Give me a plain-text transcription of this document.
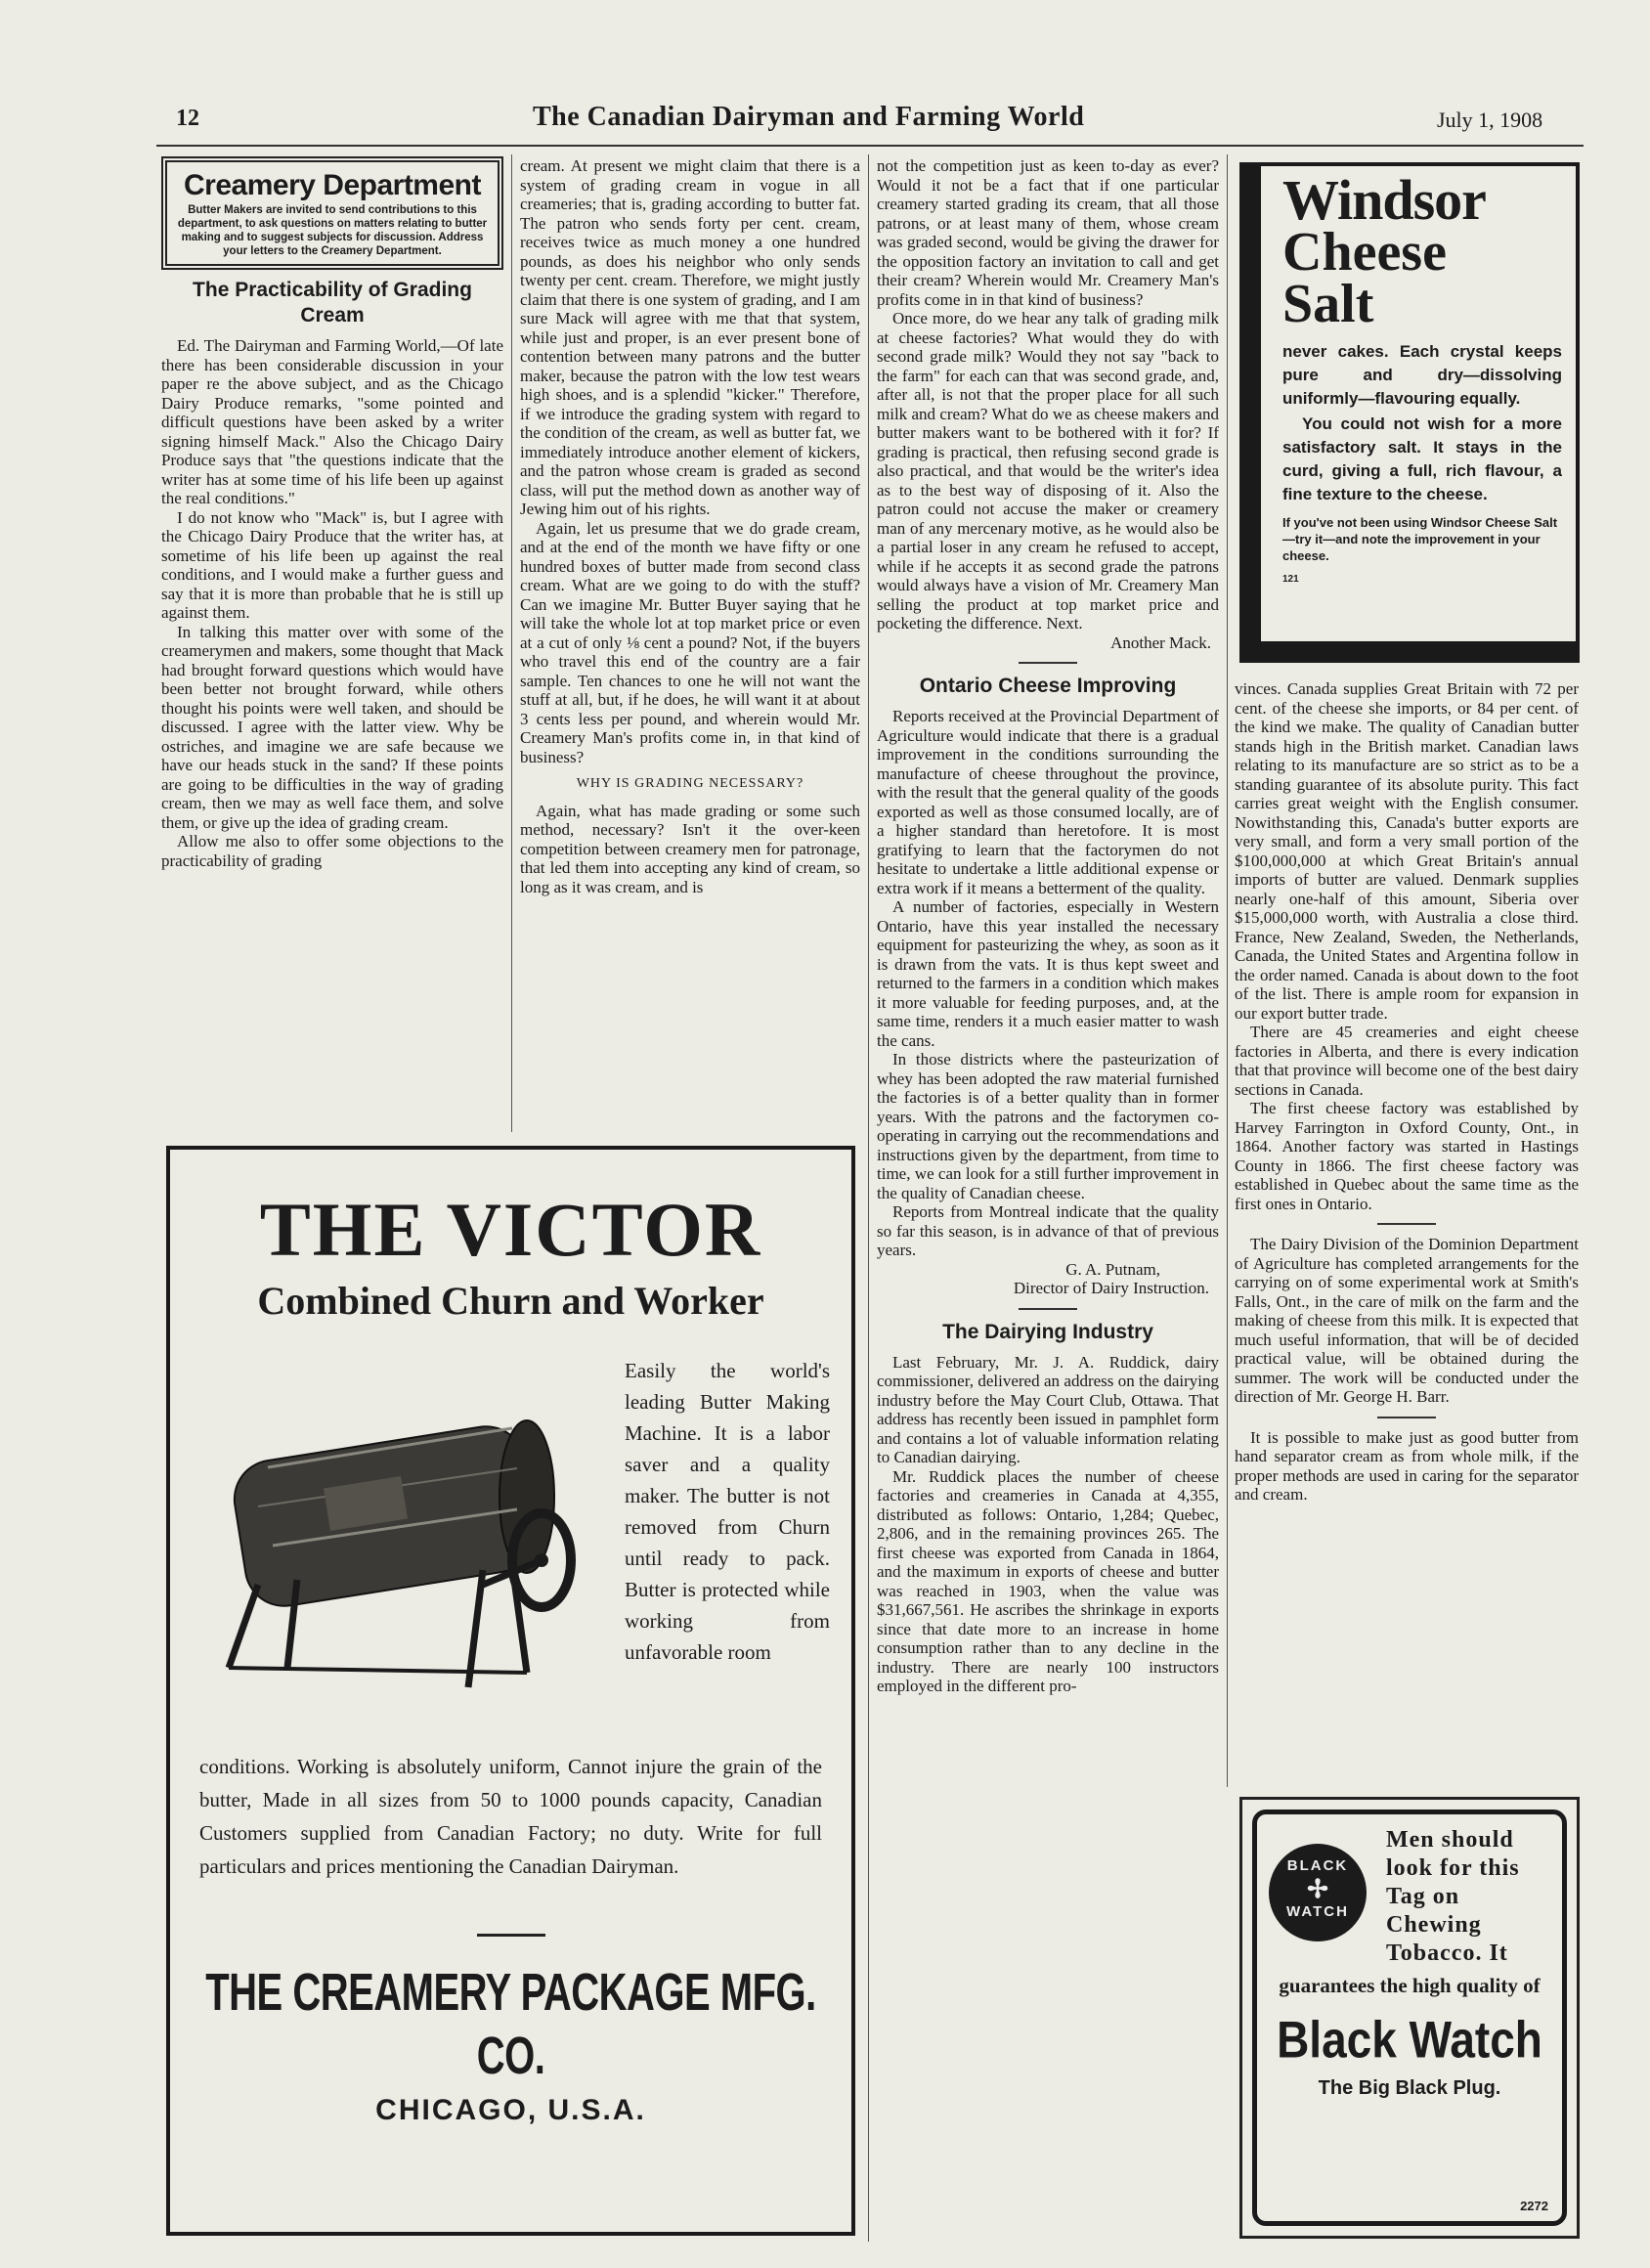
12	The Canadian Dairyman and Farming World	July 1, 1908
Creamery Department
Butter Makers are invited to send contributions to this department, to ask questions on matters relating to butter making and to suggest subjects for discussion. Address your letters to the Creamery Department.
The Practicability of Grading Cream

Ed. The Dairyman and Farming World,—Of late there has been considerable discussion in your paper re the above subject, and as the Chicago Dairy Produce remarks, "some pointed and difficult questions have been asked by a writer signing himself Mack." Also the Chicago Dairy Produce says that "the questions indicate that the writer has at some time of his life been up against the real conditions."

I do not know who "Mack" is, but I agree with the Chicago Dairy Produce that the writer has, at sometime of his life been up against the real conditions, and I would make a further guess and say that it is more than probable that he is still up against them.

In talking this matter over with some of the creamerymen and makers, some thought that Mack had brought forward questions which would have been better not brought forward, while others thought his points were well taken, and should be discussed. I agree with the latter view. Why be ostriches, and imagine we are safe because we have our heads stuck in the sand? If these points are going to be difficulties in the way of grading cream, then we may as well face them, and solve them, or give up the idea of grading cream.

Allow me also to offer some objections to the practicability of grading

cream. At present we might claim that there is a system of grading cream in vogue in all creameries; that is, grading according to butter fat. The patron who sends forty per cent. cream, receives twice as much money a one hundred pounds, as does his neighbor who only sends twenty per cent. cream. Therefore, we might justly claim that there is one system of grading, and I am sure Mack will agree with me that that system, while just and proper, is an ever present bone of contention between many patrons and the butter maker, because the patron with the low test wears high shoes, and is a splendid "kicker." Therefore, if we introduce the grading system with regard to the condition of the cream, as well as butter fat, we immediately introduce another element of kickers, and the patron whose cream is graded as second class, will put the method down as another way of Jewing him out of his rights.

Again, let us presume that we do grade cream, and at the end of the month we have fifty or one hundred boxes of butter made from second class cream. What are we going to do with the stuff? Can we imagine Mr. Butter Buyer saying that he will take the whole lot at top market price or even at a cut of only ⅛ cent a pound? Not, if the buyers who travel this end of the country are a fair sample. Ten chances to one he will not want the stuff at all, but, if he does, he will want it at about 3 cents less per pound, and wherein would Mr. Creamery Man's profits come in, in that kind of business?

WHY IS GRADING NECESSARY?

Again, what has made grading or some such method, necessary? Isn't it the over-keen competition between creamery men for patronage, that led them into accepting any kind of cream, so long as it was cream, and is

not the competition just as keen to-day as ever? Would it not be a fact that if one particular creamery started grading its cream, that all those patrons, or at least many of them, whose cream was graded second, would be giving the drawer for the opposition factory an invitation to call and get their cream? Wherein would Mr. Creamery Man's profits come in in that kind of business?

Once more, do we hear any talk of grading milk at cheese factories? What would they do with second grade milk? Would they not say "back to the farm" for each can that was second grade, and, after all, is not that the proper place for all such milk and cream? What do we as cheese makers and butter makers want to be bothered with it for? If grading is practical, then refusing second grade is also practical, and that would be the writer's idea as to the best way of disposing of it. Also the patron could not accuse the maker or creamery man of any mercenary motive, as he would also be a partial loser in any cream he refused to accept, while if he accepts it as second grade the patrons would always have a vision of Mr. Creamery Man selling the product at top market price and pocketing the difference. Next.

Another Mack.
Ontario Cheese Improving

Reports received at the Provincial Department of Agriculture would indicate that there is a gradual improvement in the conditions surrounding the manufacture of cheese throughout the province, with the result that the general quality of the goods exported as well as those consumed locally, are of a higher standard than heretofore. It is most gratifying to learn that the factorymen do not hesitate to undertake a little additional expense or extra work if it means a betterment of the quality.

A number of factories, especially in Western Ontario, have this year installed the necessary equipment for pasteurizing the whey, as soon as it is drawn from the vats. It is thus kept sweet and returned to the farmers in a condition which makes it more valuable for feeding purposes, and, at the same time, renders it a much easier matter to wash the cans.

In those districts where the pasteurization of whey has been adopted the raw material furnished the factories is of a better quality than in former years. With the patrons and the factorymen co-operating in carrying out the recommendations and instructions given by the department, from time to time, we can look for a still further improvement in the quality of Canadian cheese.

Reports from Montreal indicate that the quality so far this season, is in advance of that of previous years.

G. A. Putnam,
Director of Dairy Instruction.
The Dairying Industry

Last February, Mr. J. A. Ruddick, dairy commissioner, delivered an address on the dairying industry before the May Court Club, Ottawa. That address has recently been issued in pamphlet form and contains a lot of valuable information relating to Canadian dairying.

Mr. Ruddick places the number of cheese factories and creameries in Canada at 4,355, distributed as follows: Ontario, 1,284; Quebec, 2,806, and in the remaining provinces 265. The first cheese was exported from Canada in 1864, and the maximum in exports of cheese and butter was reached in 1903, when the value was $31,667,561. He ascribes the shrinkage in exports since that date more to an increase in home consumption rather than to any decline in the industry. There are nearly 100 instructors employed in the different pro-

vinces. Canada supplies Great Britain with 72 per cent. of the cheese she imports, or 84 per cent. of the kind we make. The quality of Canadian butter stands high in the British market. Canadian laws relating to its manufacture are so strict as to be a standing guarantee of its absolute purity. This fact carries great weight with the English consumer. Nowithstanding this, Canada's butter exports are very small, and form a very small portion of the $100,000,000 at which Great Britain's annual imports of butter are valued. Denmark supplies nearly one-half of this amount, Siberia over $15,000,000 worth, with Australia a close third. France, New Zealand, Sweden, the Netherlands, Canada, the United States and Argentina follow in the order named. Canada is about down to the foot of the list. There is ample room for expansion in our export butter trade.

There are 45 creameries and eight cheese factories in Alberta, and there is every indication that that province will become one of the best dairy sections in Canada.

The first cheese factory was established by Harvey Farrington in Oxford County, Ont., in 1864. Another factory was started in Hastings County in 1866. The first cheese factory was established in Quebec about the same time as the first ones in Ontario.

The Dairy Division of the Dominion Department of Agriculture has completed arrangements for the carrying on of some experimental work at Smith's Falls, Ont., in the care of milk on the farm and the making of cheese from this milk. It is expected that much useful information, that will be of decided practical value, will be obtained during the summer. The work will be conducted under the direction of Mr. George H. Barr.

It is possible to make just as good butter from hand separator cream as from whole milk, if the proper methods are used in caring for the separator and cream.

Windsor
Cheese
Salt
never cakes. Each crystal keeps pure and dry—dissolving uniformly—flavouring equally.
You could not wish for a more satisfactory salt. It stays in the curd, giving a full, rich flavour, a fine texture to the cheese.
If you've not been using Windsor Cheese Salt—try it—and note the improvement in your cheese.
121
THE VICTOR
Combined Churn and Worker
Easily the world's leading Butter Making Machine. It is a labor saver and a quality maker. The butter is not removed from Churn until ready to pack. Butter is protected while working from unfavorable room
conditions. Working is absolutely uniform, Cannot injure the grain of the butter, Made in all sizes from 50 to 1000 pounds capacity, Canadian Customers supplied from Canadian Factory; no duty. Write for full particulars and prices mentioning the Canadian Dairyman.
THE CREAMERY PACKAGE MFG. CO.
CHICAGO, U.S.A.
BLACK
✢
WATCH
Men should look for this Tag on Chewing Tobacco. It
guarantees the high quality of
Black Watch
The Big Black Plug.
2272
